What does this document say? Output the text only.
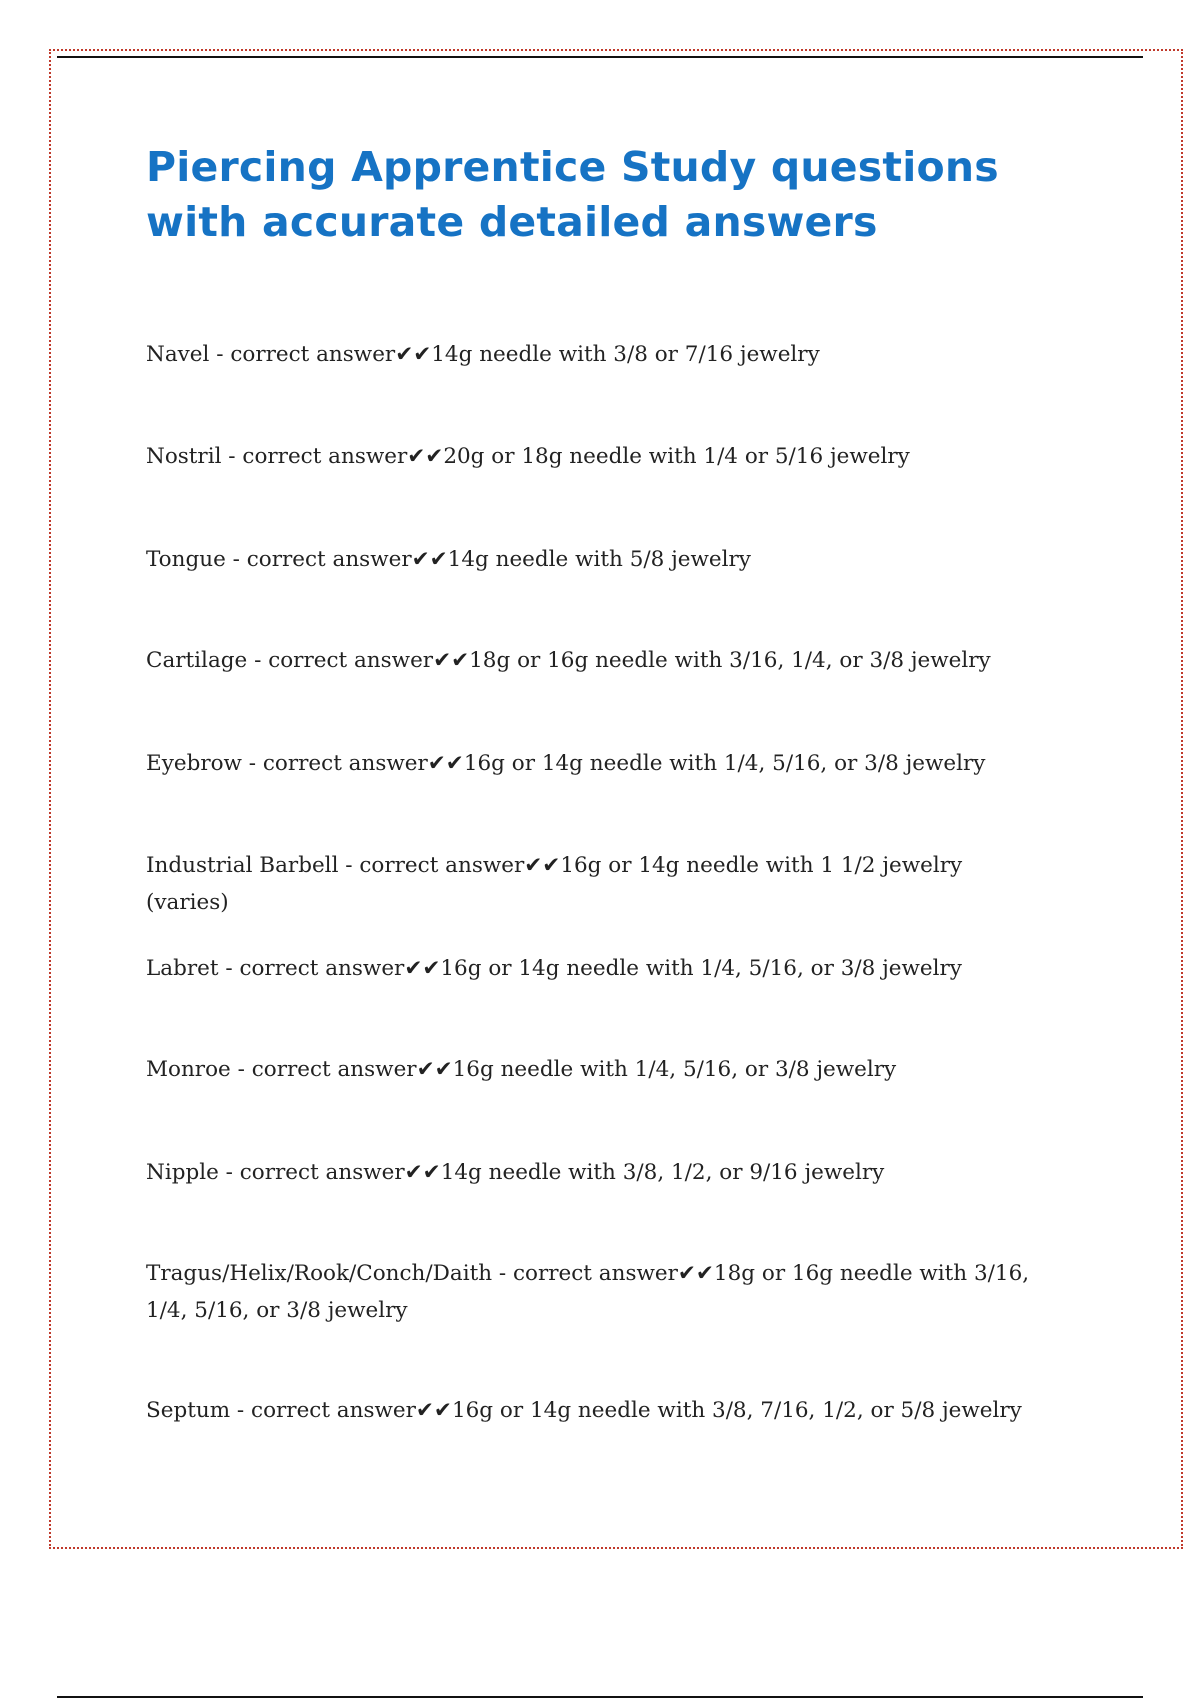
Piercing Apprentice Study questions with accurate detailed answers
Navel - correct answer✔✔14g needle with 3/8 or 7/16 jewelry
Nostril - correct answer✔✔20g or 18g needle with 1/4 or 5/16 jewelry
Tongue - correct answer✔✔14g needle with 5/8 jewelry
Cartilage - correct answer✔✔18g or 16g needle with 3/16, 1/4, or 3/8 jewelry
Eyebrow - correct answer✔✔16g or 14g needle with 1/4, 5/16, or 3/8 jewelry
Industrial Barbell - correct answer✔✔16g or 14g needle with 1 1/2 jewelry (varies)
Labret - correct answer✔✔16g or 14g needle with 1/4, 5/16, or 3/8 jewelry
Monroe - correct answer✔✔16g needle with 1/4, 5/16, or 3/8 jewelry
Nipple - correct answer✔✔14g needle with 3/8, 1/2, or 9/16 jewelry
Tragus/Helix/Rook/Conch/Daith - correct answer✔✔18g or 16g needle with 3/16, 1/4, 5/16, or 3/8 jewelry
Septum - correct answer✔✔16g or 14g needle with 3/8, 7/16, 1/2, or 5/8 jewelry
